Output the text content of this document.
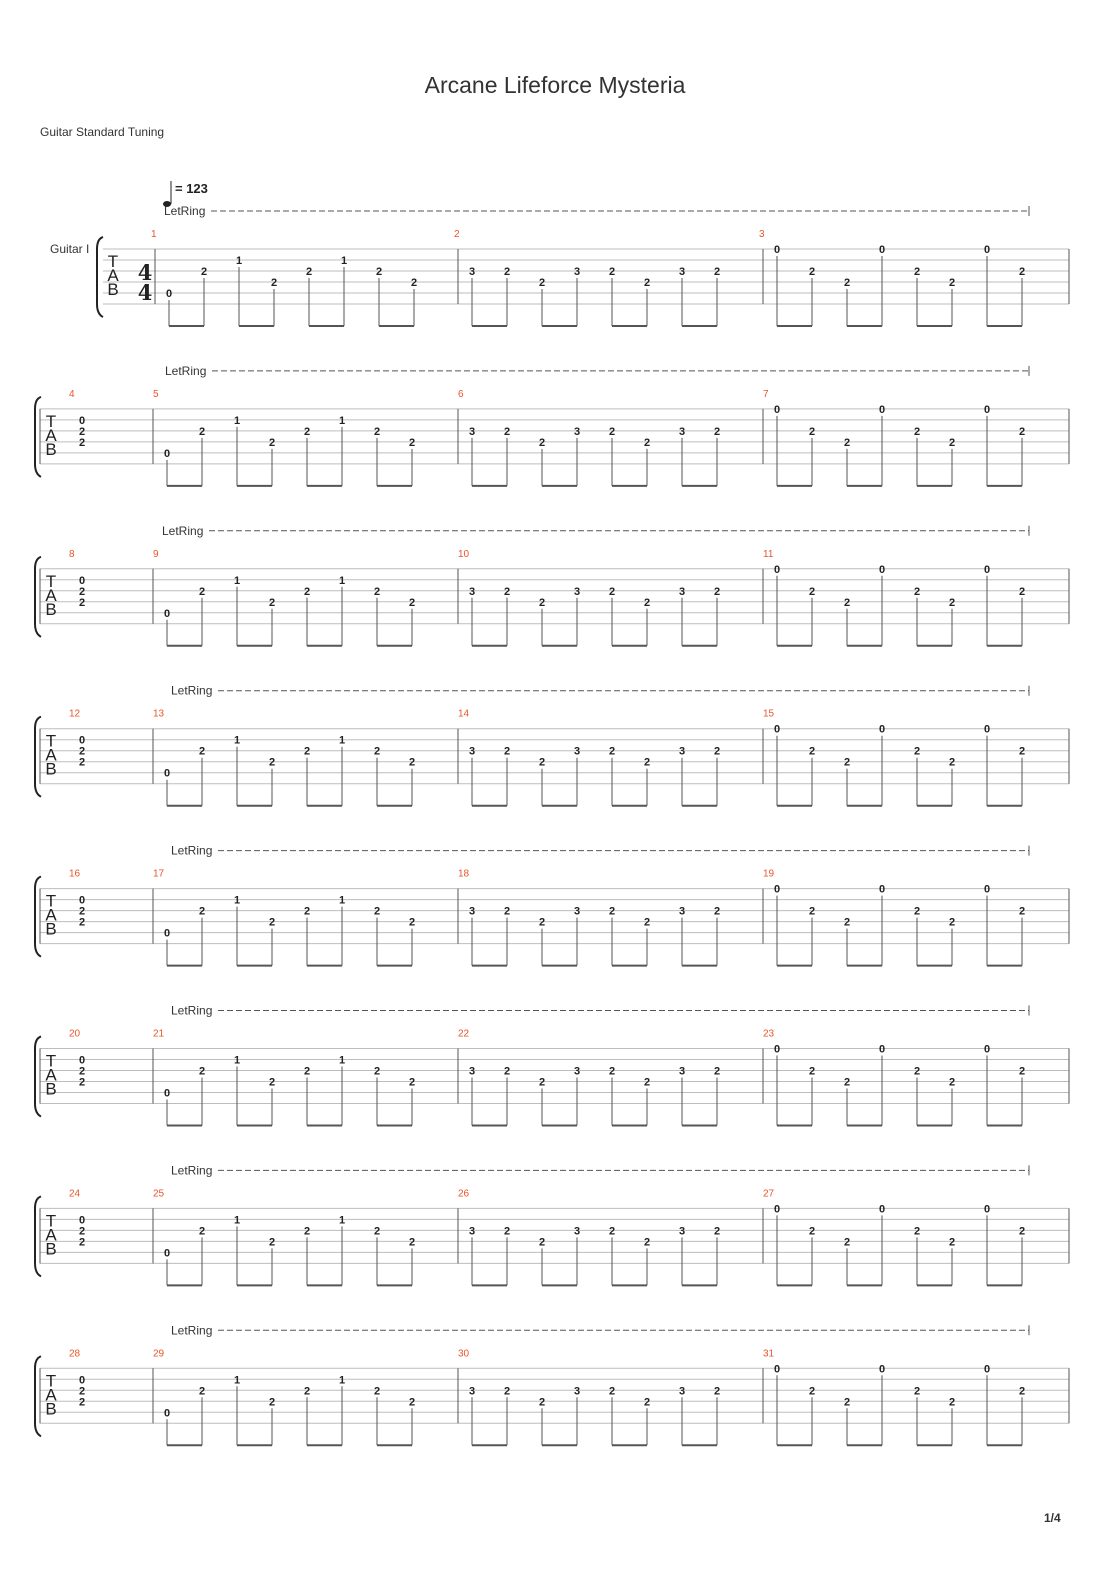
Arcane Lifeforce Mysteria
Guitar Standard Tuning
T
A
B
Guitar I
4
4
= 123
LetRing
1
0
2
1
2
2
1
2
2
2
3	2
2
3	2
2
3	2
3
0
2
2
0
2
2
0
2
T
A
B
LetRing
4
0
2
2
5
0
2
1
2
2
1
2
2
6
3	2
2
3	2
2
3	2
7
0
2
2
0
2
2
0
2
T
A
B
LetRing
8
0
2
2
9
0
2
1
2
2
1
2
2
10
3	2
2
3	2
2
3	2
11
0
2
2
0
2
2
0
2
T
A
B
LetRing
12
0
2
2
13
0
2
1
2
2
1
2
2
14
3	2
2
3	2
2
3	2
15
0
2
2
0
2
2
0
2
T
A
B
LetRing
16
0
2
2
17
0
2
1
2
2
1
2
2
18
3	2
2
3	2
2
3	2
19
0
2
2
0
2
2
0
2
T
A
B
LetRing
20
0
2
2
21
0
2
1
2
2
1
2
2
22
3	2
2
3	2
2
3	2
23
0
2
2
0
2
2
0
2
T
A
B
LetRing
24
0
2
2
25
0
2
1
2
2
1
2
2
26
3	2
2
3	2
2
3	2
27
0
2
2
0
2
2
0
2
T
A
B
LetRing
28
0
2
2
29
0
2
1
2
2
1
2
2
30
3	2
2
3	2
2
3	2
31
0
2
2
0
2
2
0
2
1/4
